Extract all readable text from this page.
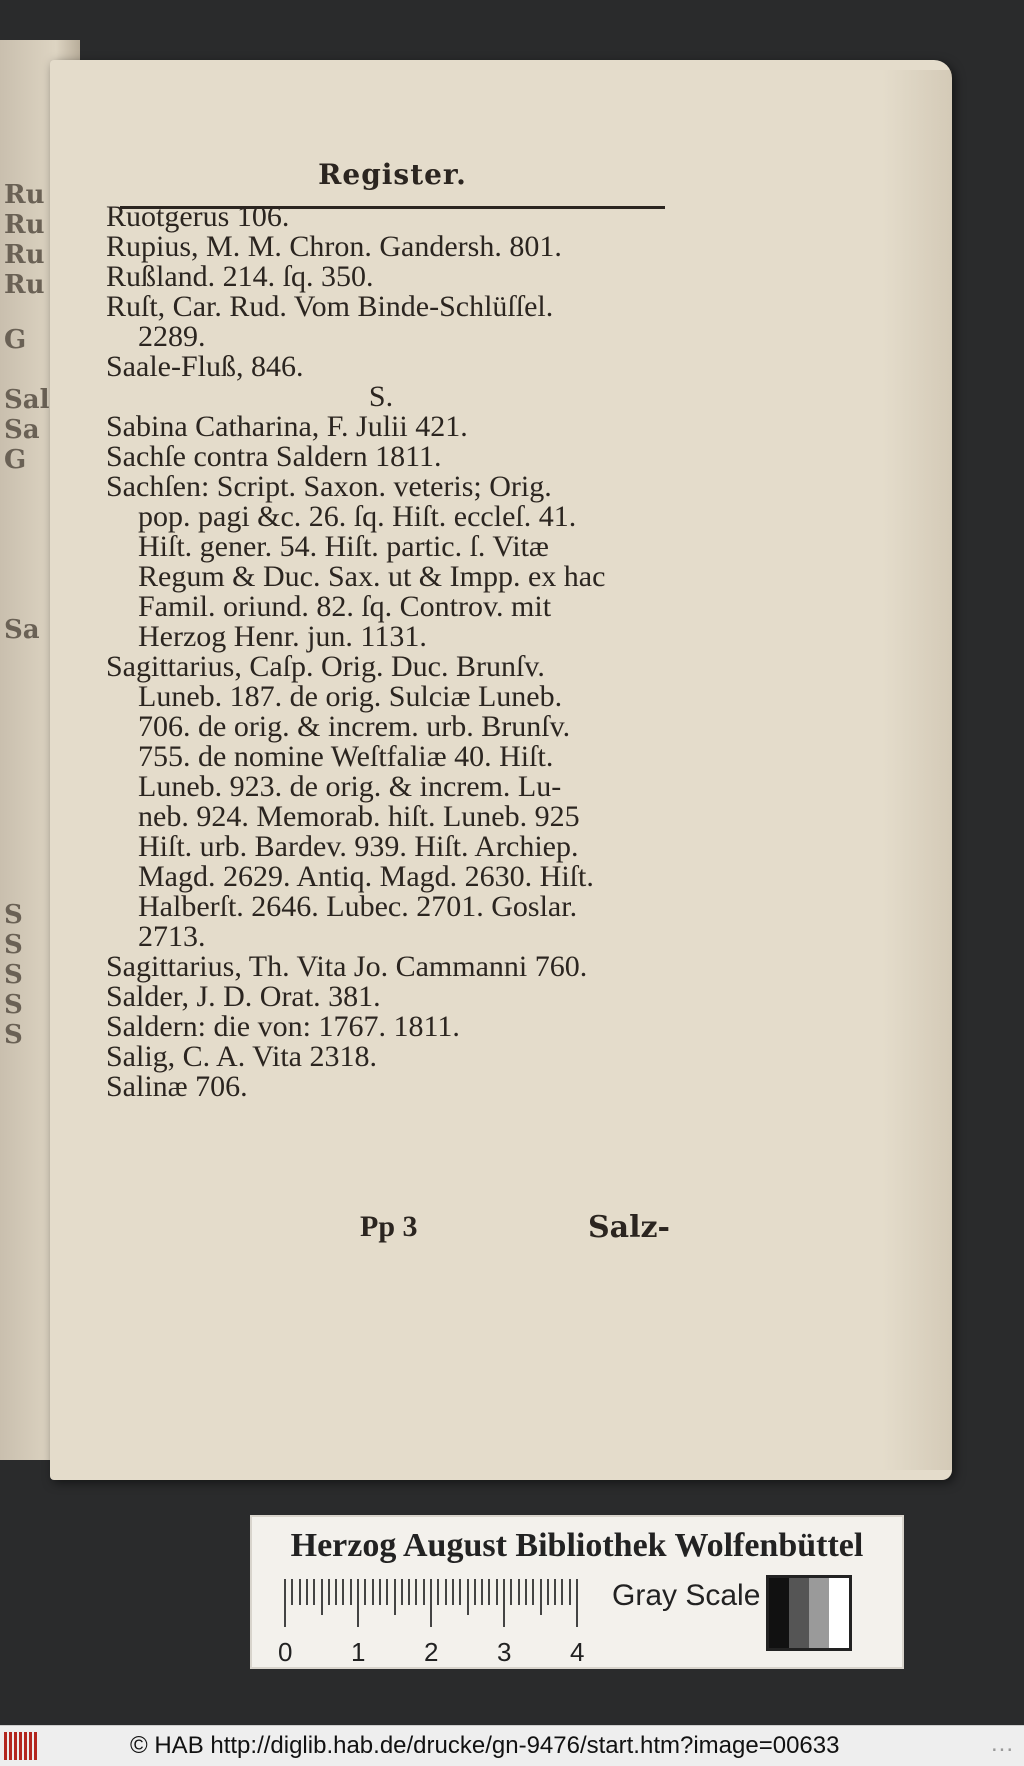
Ru
Ru
Ru
Ru
G
Sal
Sa
G
Sa
S
S
S
S
S
Register.
Ruotgerus 106.
Rupius, M. M. Chron. Gandersh. 801.
Rußland. 214. ſq. 350.
Ruſt, Car. Rud. Vom Binde-Schlüſſel.
2289.
Saale-Fluß, 846.
S.
Sabina Catharina, F. Julii 421.
Sachſe contra Saldern 1811.
Sachſen: Script. Saxon. veteris; Orig.
pop. pagi &c. 26. ſq. Hiſt. eccleſ. 41.
Hiſt. gener. 54. Hiſt. partic. ſ. Vitæ
Regum & Duc. Sax. ut & Impp. ex hac
Famil. oriund. 82. ſq. Controv. mit
Herzog Henr. jun. 1131.
Sagittarius, Caſp. Orig. Duc. Brunſv.
Luneb. 187. de orig. Sulciæ Luneb.
706. de orig. & increm. urb. Brunſv.
755. de nomine Weſtfaliæ 40. Hiſt.
Luneb. 923. de orig. & increm. Lu-
neb. 924. Memorab. hiſt. Luneb. 925
Hiſt. urb. Bardev. 939. Hiſt. Archiep.
Magd. 2629. Antiq. Magd. 2630. Hiſt.
Halberſt. 2646. Lubec. 2701. Goslar.
2713.
Sagittarius, Th. Vita Jo. Cammanni 760.
Salder, J. D. Orat. 381.
Saldern: die von: 1767. 1811.
Salig, C. A. Vita 2318.
Salinæ 706.
Pp 3	Salz-
Herzog August Bibliothek Wolfenbüttel
0 1 2 3 4
Gray Scale
© HAB http://diglib.hab.de/drucke/gn-9476/start.htm?image=00633	...
